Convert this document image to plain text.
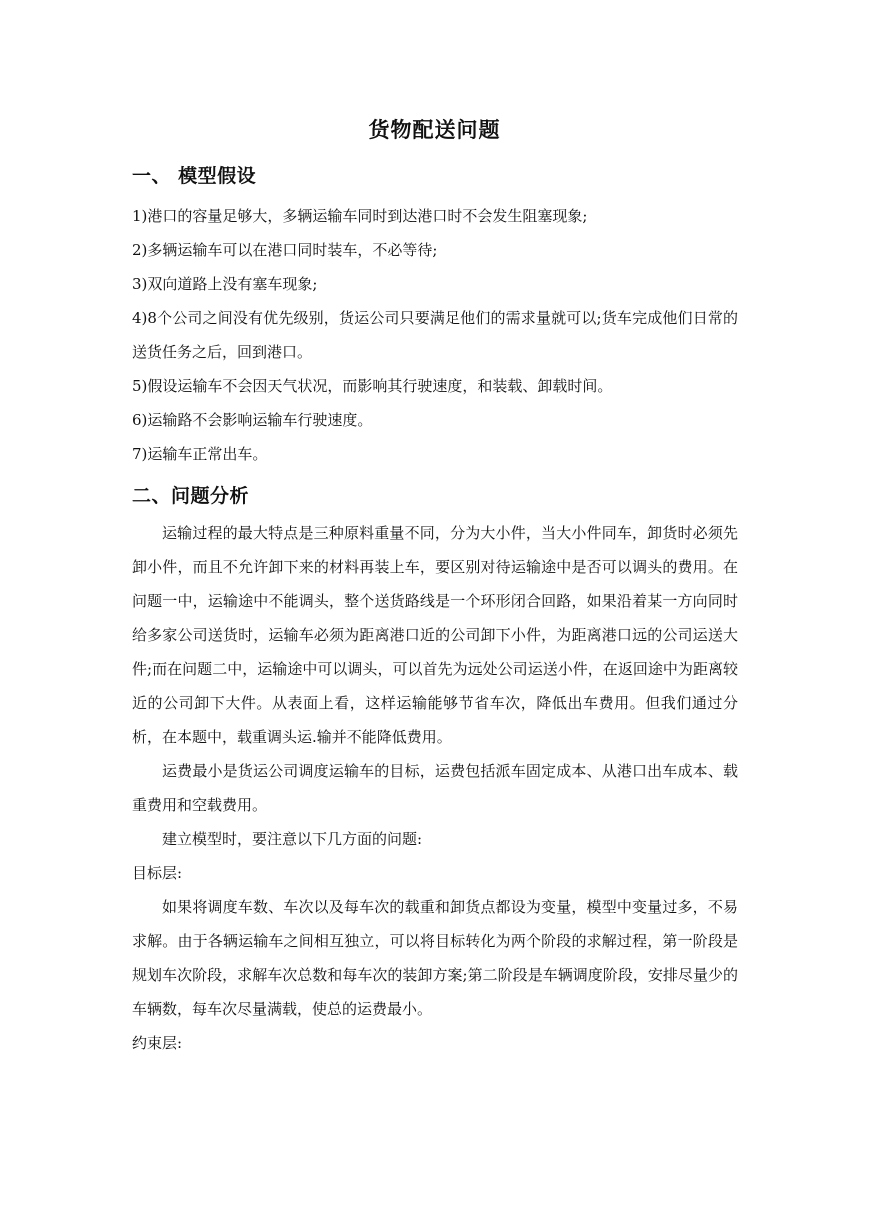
货物配送问题
一、 模型假设

1)港口的容量足够大，多辆运输车同时到达港口时不会发生阻塞现象;

2)多辆运输车可以在港口同时装车，不必等待;

3)双向道路上没有塞车现象;

4)8个公司之间没有优先级别，货运公司只要满足他们的需求量就可以;货车完成他们日常的送货任务之后，回到港口。

5)假设运输车不会因天气状况，而影响其行驶速度，和装载、卸载时间。

6)运输路不会影响运输车行驶速度。

7)运输车正常出车。

二、问题分析

运输过程的最大特点是三种原料重量不同，分为大小件，当大小件同车，卸货时必须先卸小件，而且不允许卸下来的材料再装上车，要区别对待运输途中是否可以调头的费用。在问题一中，运输途中不能调头，整个送货路线是一个环形闭合回路，如果沿着某一方向同时给多家公司送货时，运输车必须为距离港口近的公司卸下小件，为距离港口远的公司运送大件;而在问题二中，运输途中可以调头，可以首先为远处公司运送小件，在返回途中为距离较近的公司卸下大件。从表面上看，这样运输能够节省车次，降低出车费用。但我们通过分析，在本题中，载重调头运.输并不能降低费用。

运费最小是货运公司调度运输车的目标，运费包括派车固定成本、从港口出车成本、载重费用和空载费用。

建立模型时，要注意以下几方面的问题:

目标层:

如果将调度车数、车次以及每车次的载重和卸货点都设为变量，模型中变量过多，不易求解。由于各辆运输车之间相互独立，可以将目标转化为两个阶段的求解过程，第一阶段是规划车次阶段，求解车次总数和每车次的装卸方案;第二阶段是车辆调度阶段，安排尽量少的车辆数，每车次尽量满载，使总的运费最小。

约束层:
